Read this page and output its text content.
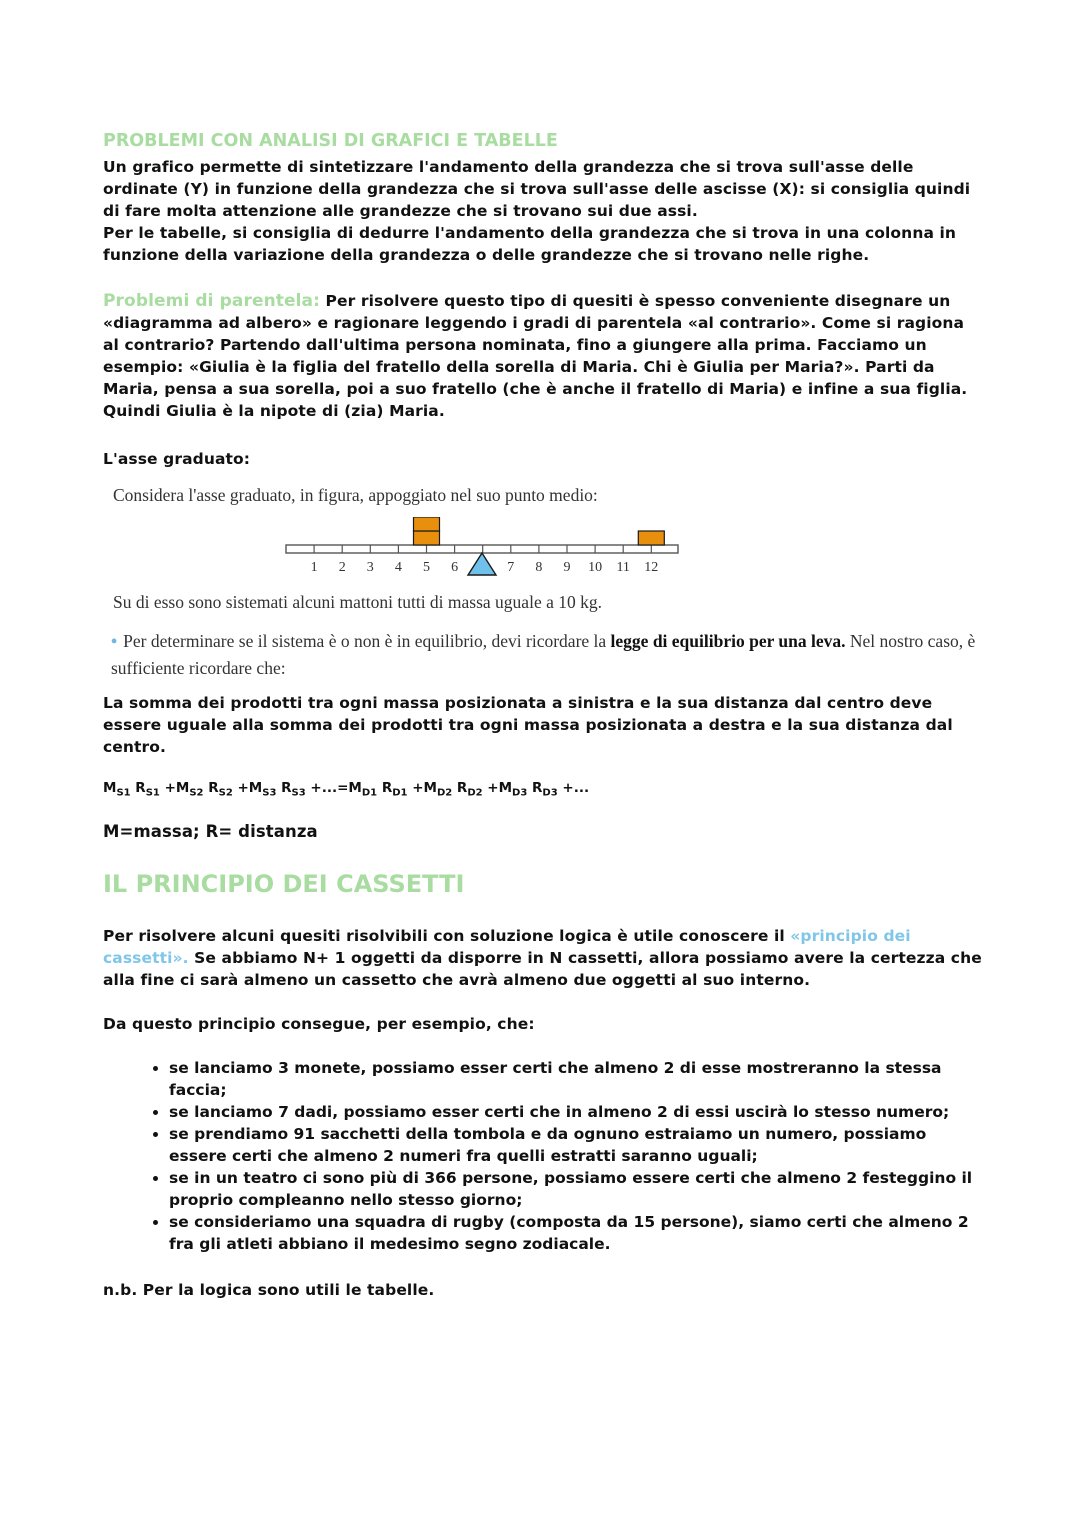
PROBLEMI CON ANALISI DI GRAFICI E TABELLE

Un grafico permette di sintetizzare l'andamento della grandezza che si trova sull'asse delle ordinate (Y) in funzione della grandezza che si trova sull'asse delle ascisse (X): si consiglia quindi di fare molta attenzione alle grandezze che si trovano sui due assi.

Per le tabelle, si consiglia di dedurre l'andamento della grandezza che si trova in una colonna in funzione della variazione della grandezza o delle grandezze che si trovano nelle righe.

Problemi di parentela: Per risolvere questo tipo di quesiti è spesso conveniente disegnare un «diagramma ad albero» e ragionare leggendo i gradi di parentela «al contrario». Come si ragiona al contrario? Partendo dall'ultima persona nominata, fino a giungere alla prima. Facciamo un esempio: «Giulia è la figlia del fratello della sorella di Maria. Chi è Giulia per Maria?». Parti da Maria, pensa a sua sorella, poi a suo fratello (che è anche il fratello di Maria) e infine a sua figlia. Quindi Giulia è la nipote di (zia) Maria.

L'asse graduato:

Considera l'asse graduato, in figura, appoggiato nel suo punto medio:

1 2 3 4 5 6	7 8 9 10 11 12

Su di esso sono sistemati alcuni mattoni tutti di massa uguale a 10 kg.

• Per determinare se il sistema è o non è in equilibrio, devi ricordare la legge di equilibrio per una leva. Nel nostro caso, è sufficiente ricordare che:

La somma dei prodotti tra ogni massa posizionata a sinistra e la sua distanza dal centro deve essere uguale alla somma dei prodotti tra ogni massa posizionata a destra e la sua distanza dal centro.

$M_{S1}$ $R_{S1} +M_{S2}$ $R_{S2} +M_{S3}$ $R_{S3} +...=M_{D1}$ $R_{D1} +M_{D2}$ $R_{D2} +M_{D3}$ $R_{D3}$ +...

M=massa; R= distanza

IL PRINCIPIO DEI CASSETTI

Per risolvere alcuni quesiti risolvibili con soluzione logica è utile conoscere il «principio dei cassetti». Se abbiamo N+ 1 oggetti da disporre in N cassetti, allora possiamo avere la certezza che alla fine ci sarà almeno un cassetto che avrà almeno due oggetti al suo interno.

Da questo principio consegue, per esempio, che:

• se lanciamo 3 monete, possiamo esser certi che almeno 2 di esse mostreranno la stessa faccia;
• se lanciamo 7 dadi, possiamo esser certi che in almeno 2 di essi uscirà lo stesso numero;
• se prendiamo 91 sacchetti della tombola e da ognuno estraiamo un numero, possiamo essere certi che almeno 2 numeri fra quelli estratti saranno uguali;
• se in un teatro ci sono più di 366 persone, possiamo essere certi che almeno 2 festeggino il proprio compleanno nello stesso giorno;
• se consideriamo una squadra di rugby (composta da 15 persone), siamo certi che almeno 2 fra gli atleti abbiano il medesimo segno zodiacale.

n.b. Per la logica sono utili le tabelle.
